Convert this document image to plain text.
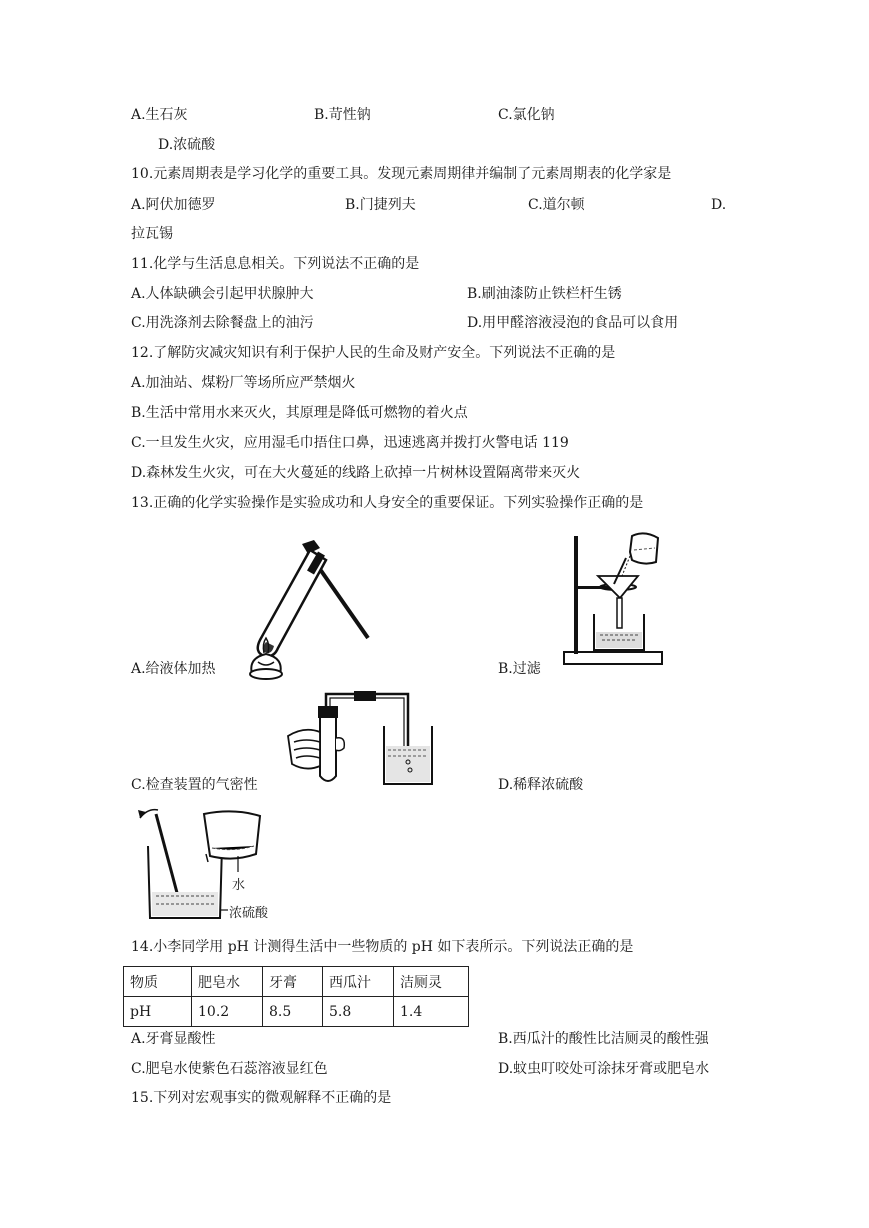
A.生石灰	B.苛性钠	C.氯化钠
D.浓硫酸
10.元素周期表是学习化学的重要工具。发现元素周期律并编制了元素周期表的化学家是
A.阿伏加德罗	B.门捷列夫	C.道尔顿	D.
拉瓦锡
11.化学与生活息息相关。下列说法不正确的是
A.人体缺碘会引起甲状腺肿大	B.刷油漆防止铁栏杆生锈
C.用洗涤剂去除餐盘上的油污	D.用甲醛溶液浸泡的食品可以食用
12.了解防灾减灾知识有利于保护人民的生命及财产安全。下列说法不正确的是
A.加油站、煤粉厂等场所应严禁烟火
B.生活中常用水来灭火，其原理是降低可燃物的着火点
C.一旦发生火灾，应用湿毛巾捂住口鼻，迅速逃离并拨打火警电话 119
D.森林发生火灾，可在大火蔓延的线路上砍掉一片树林设置隔离带来灭火
13.正确的化学实验操作是实验成功和人身安全的重要保证。下列实验操作正确的是
A.给液体加热	B.过滤
C.检查装置的气密性	D.稀释浓硫酸
水
浓硫酸
14.小李同学用 pH 计测得生活中一些物质的 pH 如下表所示。下列说法正确的是
物质	肥皂水	牙膏	西瓜汁	洁厕灵
pH	10.2	8.5	5.8	1.4
A.牙膏显酸性	B.西瓜汁的酸性比洁厕灵的酸性强
C.肥皂水使紫色石蕊溶液显红色	D.蚊虫叮咬处可涂抹牙膏或肥皂水
15.下列对宏观事实的微观解释不正确的是
